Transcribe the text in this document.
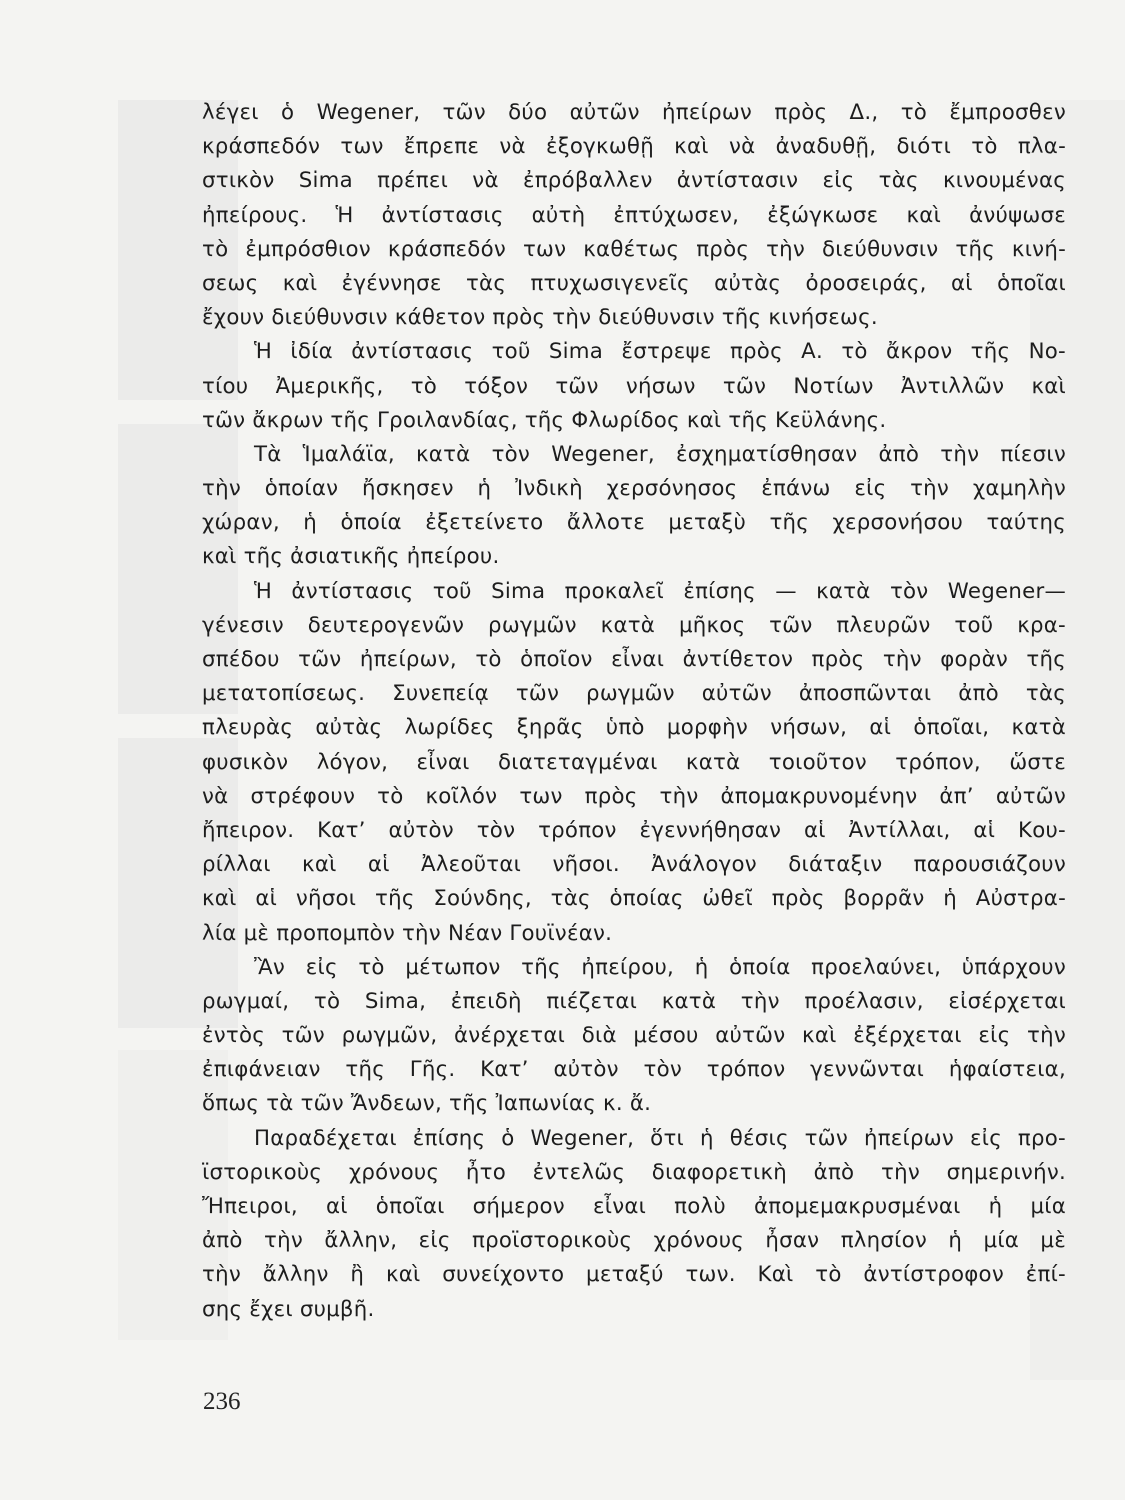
λέγει ὁ Wegener, τῶν δύο αὐτῶν ἠπείρων πρὸς Δ., τὸ ἔμπροσθεν
κράσπεδόν των ἔπρεπε νὰ ἐξογκωθῇ καὶ νὰ ἀναδυθῇ, διότι τὸ πλα-
στικὸν Sima πρέπει νὰ ἐπρόβαλλεν ἀντίστασιν εἰς τὰς κινουμένας
ἠπείρους. Ἡ ἀντίστασις αὐτὴ ἐπτύχωσεν, ἐξώγκωσε καὶ ἀνύψωσε
τὸ ἐμπρόσθιον κράσπεδόν των καθέτως πρὸς τὴν διεύθυνσιν τῆς κινή-
σεως καὶ ἐγέννησε τὰς πτυχωσιγενεῖς αὐτὰς ὀροσειράς, αἱ ὁποῖαι
ἔχουν διεύθυνσιν κάθετον πρὸς τὴν διεύθυνσιν τῆς κινήσεως.
Ἡ ἰδία ἀντίστασις τοῦ Sima ἔστρεψε πρὸς Α. τὸ ἄκρον τῆς Νο-
τίου Ἀμερικῆς, τὸ τόξον τῶν νήσων τῶν Νοτίων Ἀντιλλῶν καὶ
τῶν ἄκρων τῆς Γροιλανδίας, τῆς Φλωρίδος καὶ τῆς Κεϋλάνης.
Τὰ Ἱμαλάϊα, κατὰ τὸν Wegener, ἐσχηματίσθησαν ἀπὸ τὴν πίεσιν
τὴν ὁποίαν ἤσκησεν ἡ Ἰνδικὴ χερσόνησος ἐπάνω εἰς τὴν χαμηλὴν
χώραν, ἡ ὁποία ἐξετείνετο ἄλλοτε μεταξὺ τῆς χερσονήσου ταύτης
καὶ τῆς ἀσιατικῆς ἠπείρου.
Ἡ ἀντίστασις τοῦ Sima προκαλεῖ ἐπίσης — κατὰ τὸν Wegener—
γένεσιν δευτερογενῶν ρωγμῶν κατὰ μῆκος τῶν πλευρῶν τοῦ κρα-
σπέδου τῶν ἠπείρων, τὸ ὁποῖον εἶναι ἀντίθετον πρὸς τὴν φορὰν τῆς
μετατοπίσεως. Συνεπείᾳ τῶν ρωγμῶν αὐτῶν ἀποσπῶνται ἀπὸ τὰς
πλευρὰς αὐτὰς λωρίδες ξηρᾶς ὑπὸ μορφὴν νήσων, αἱ ὁποῖαι, κατὰ
φυσικὸν λόγον, εἶναι διατεταγμέναι κατὰ τοιοῦτον τρόπον, ὥστε
νὰ στρέφουν τὸ κοῖλόν των πρὸς τὴν ἀπομακρυνομένην ἀπ’ αὐτῶν
ἤπειρον. Κατ’ αὐτὸν τὸν τρόπον ἐγεννήθησαν αἱ Ἀντίλλαι, αἱ Κου-
ρίλλαι καὶ αἱ Ἀλεοῦται νῆσοι. Ἀνάλογον διάταξιν παρουσιάζουν
καὶ αἱ νῆσοι τῆς Σούνδης, τὰς ὁποίας ὠθεῖ πρὸς βορρᾶν ἡ Αὐστρα-
λία μὲ προπομπὸν τὴν Νέαν Γουϊνέαν.
Ἂν εἰς τὸ μέτωπον τῆς ἠπείρου, ἡ ὁποία προελαύνει, ὑπάρχουν
ρωγμαί, τὸ Sima, ἐπειδὴ πιέζεται κατὰ τὴν προέλασιν, εἰσέρχεται
ἐντὸς τῶν ρωγμῶν, ἀνέρχεται διὰ μέσου αὐτῶν καὶ ἐξέρχεται εἰς τὴν
ἐπιφάνειαν τῆς Γῆς. Κατ’ αὐτὸν τὸν τρόπον γεννῶνται ἡφαίστεια,
ὅπως τὰ τῶν Ἄνδεων, τῆς Ἰαπωνίας κ. ἄ.
Παραδέχεται ἐπίσης ὁ Wegener, ὅτι ἡ θέσις τῶν ἠπείρων εἰς προ-
ϊστορικοὺς χρόνους ἦτο ἐντελῶς διαφορετικὴ ἀπὸ τὴν σημερινήν.
Ἤπειροι, αἱ ὁποῖαι σήμερον εἶναι πολὺ ἀπομεμακρυσμέναι ἡ μία
ἀπὸ τὴν ἄλλην, εἰς προϊστορικοὺς χρόνους ἦσαν πλησίον ἡ μία μὲ
τὴν ἄλλην ἢ καὶ συνείχοντο μεταξύ των. Καὶ τὸ ἀντίστροφον ἐπί-
σης ἔχει συμβῆ.
236
